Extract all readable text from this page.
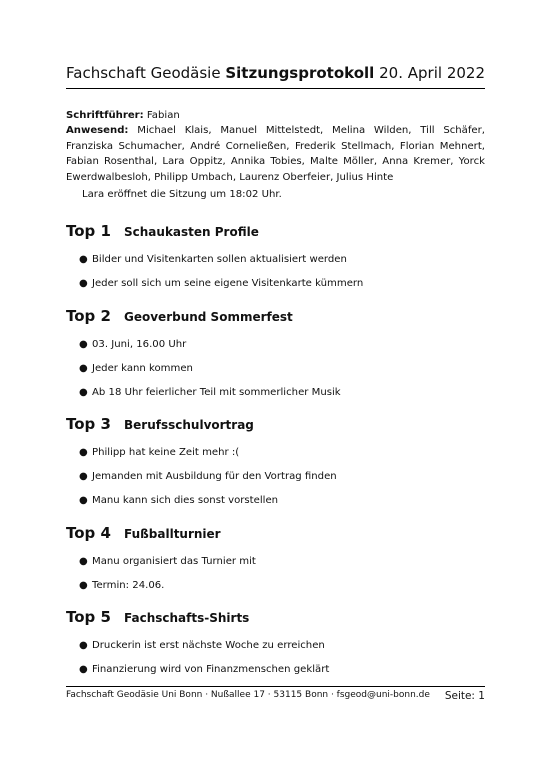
Fachschaft Geodäsie Sitzungsprotokoll 20. April 2022

Schriftführer: Fabian

Anwesend: Michael Klais, Manuel Mittelstedt, Melina Wilden, Till Schäfer, Franziska Schumacher, André Corneließen, Frederik Stellmach, Florian Mehnert, Fabian Rosenthal, Lara Oppitz, Annika Tobies, Malte Möller, Anna Kremer, Yorck Ewerdwalbesloh, Philipp Umbach, Laurenz Oberfeier, Julius Hinte

Lara eröffnet die Sitzung um 18:02 Uhr.
Top 1	Schaukasten Profile
● Bilder und Visitenkarten sollen aktualisiert werden
● Jeder soll sich um seine eigene Visitenkarte kümmern
Top 2	Geoverbund Sommerfest
● 03. Juni, 16.00 Uhr
● Jeder kann kommen
● Ab 18 Uhr feierlicher Teil mit sommerlicher Musik
Top 3	Berufsschulvortrag
● Philipp hat keine Zeit mehr :(
● Jemanden mit Ausbildung für den Vortrag finden
● Manu kann sich dies sonst vorstellen
Top 4	Fußballturnier
● Manu organisiert das Turnier mit
● Termin: 24.06.
Top 5	Fachschafts-Shirts
● Druckerin ist erst nächste Woche zu erreichen
● Finanzierung wird von Finanzmenschen geklärt
Fachschaft Geodäsie Uni Bonn · Nußallee 17 · 53115 Bonn · fsgeod@uni-bonn.de Seite: 1
